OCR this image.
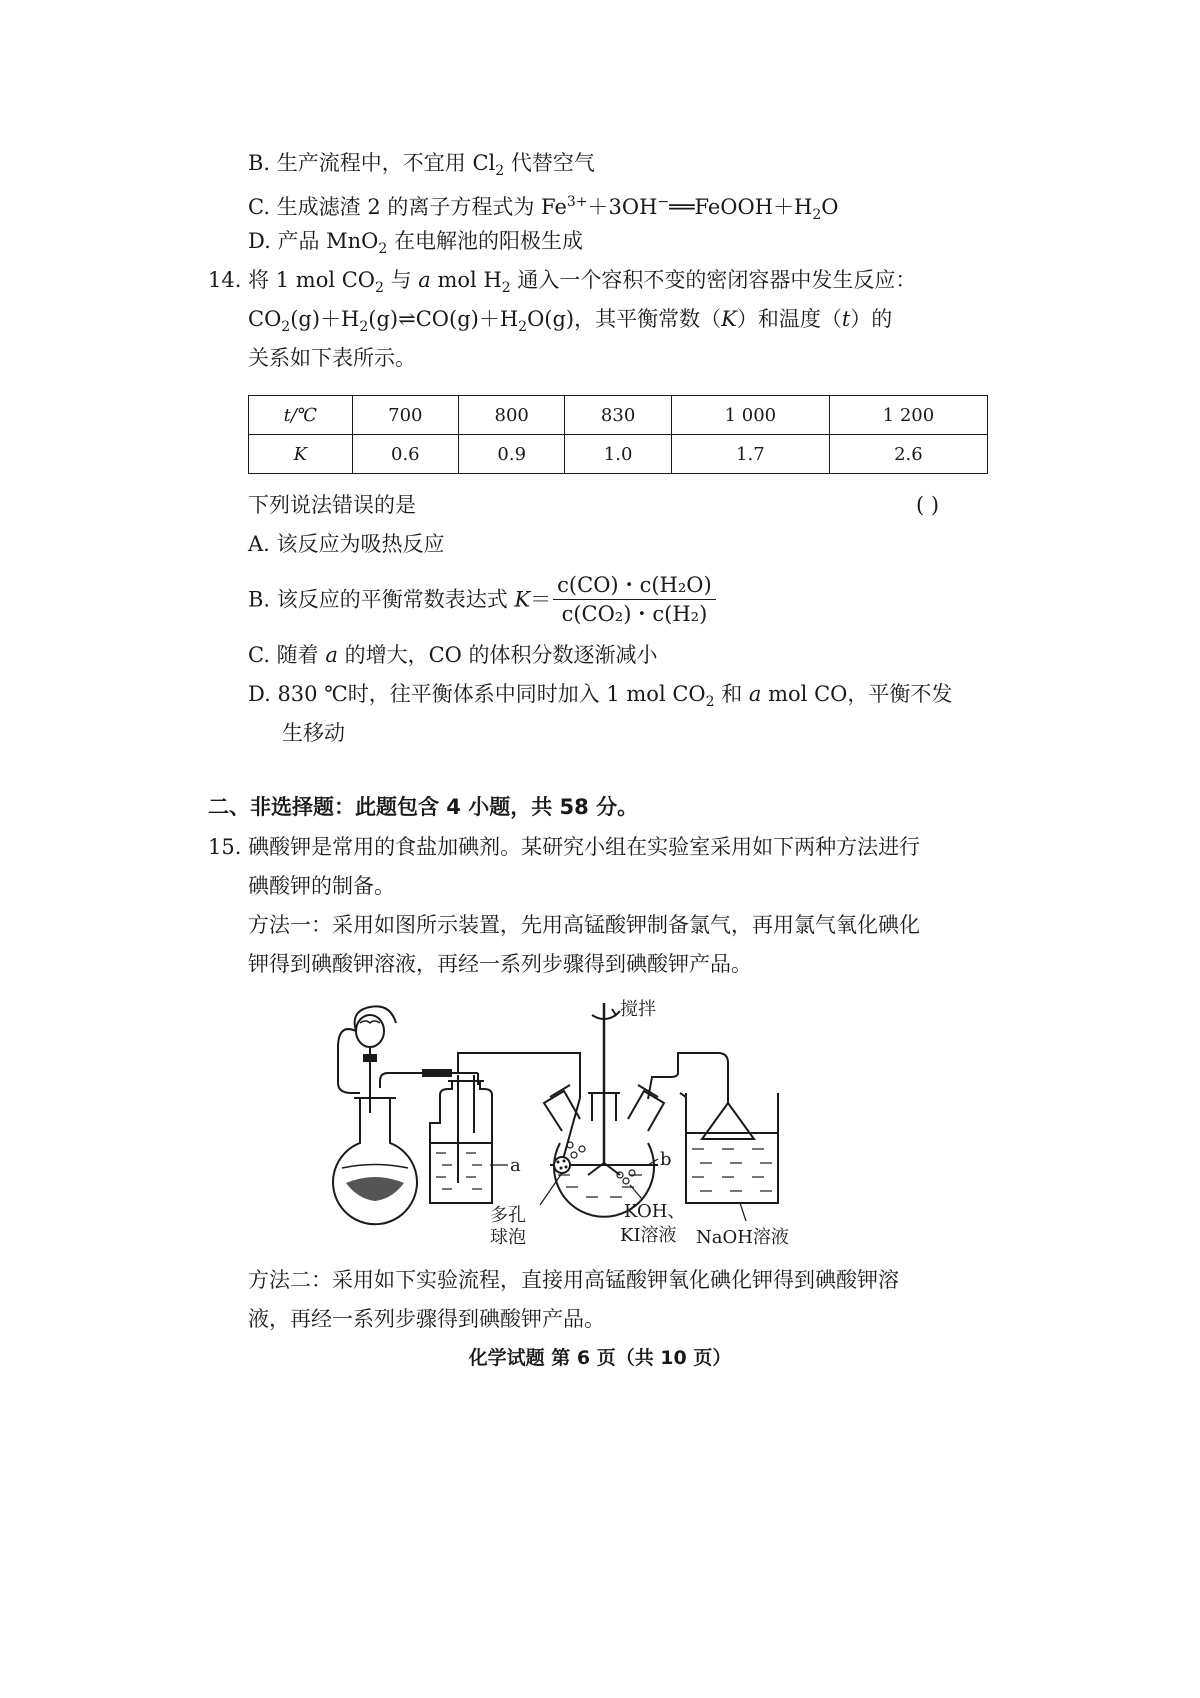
B. 生产流程中，不宜用 $Cl_2$ 代替空气
C. 生成滤渣 2 的离子方程式为 $Fe^{3+}+3OH^-══FeOOH+H_2O$
D. 产品 MnO$_2$ 在电解池的阳极生成
14. 将 1 mol $CO_2$ 与 a mol $H_2$ 通入一个容积不变的密闭容器中发生反应：
$CO_2(g)+H_2(g)\rightleftharpoons CO(g)+H_2O(g)$，其平衡常数（K）和温度（t）的
关系如下表所示。
t/℃	700	800	830	1 000	1 200
K	0.6	0.9	1.0	1.7	2.6
下列说法错误的是	( )
A. 该反应为吸热反应
B. 该反应的平衡常数表达式 $K= \frac{\text{c(CO)・c(H₂O)}}{\text{c(CO₂)・c(H₂)}}$
C. 随着 a 的增大，CO 的体积分数逐渐减小
D. 830 ℃时，往平衡体系中同时加入 1 mol $CO_2$ 和 a mol CO，平衡不发
生移动
二、非选择题：此题包含 4 小题，共 58 分。
15. 碘酸钾是常用的食盐加碘剂。某研究小组在实验室采用如下两种方法进行
碘酸钾的制备。
方法一：采用如图所示装置，先用高锰酸钾制备氯气，再用氯气氧化碘化
钾得到碘酸钾溶液，再经一系列步骤得到碘酸钾产品。
搅拌
a	b
多孔
球泡
KOH、
KI溶液 NaOH溶液
方法二：采用如下实验流程，直接用高锰酸钾氧化碘化钾得到碘酸钾溶
液，再经一系列步骤得到碘酸钾产品。
化学试题 第 6 页（共 10 页）
